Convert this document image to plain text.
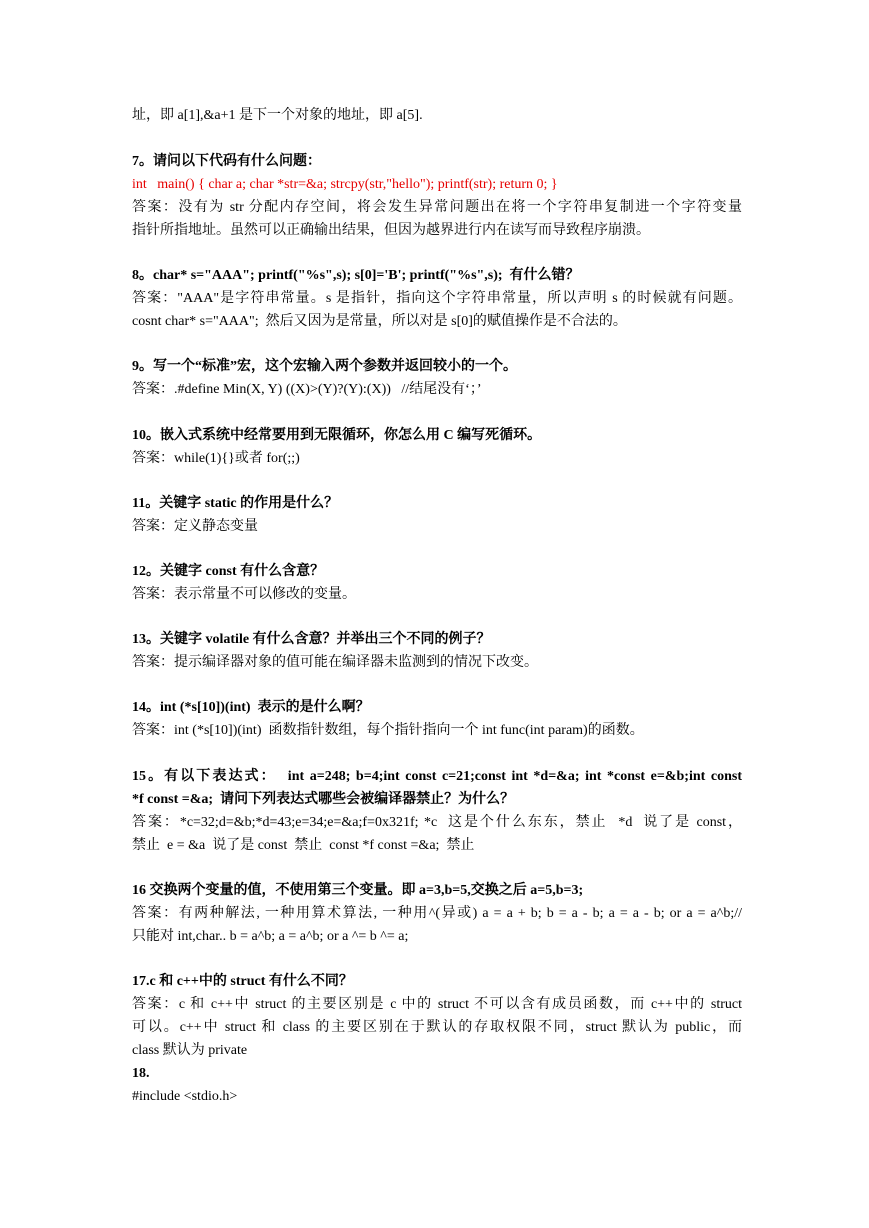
址，即 a[1],&a+1 是下一个对象的地址，即 a[5].
7。请问以下代码有什么问题：
int   main() { char a; char *str=&a; strcpy(str,"hello"); printf(str); return 0; }
答案：没有为 str 分配内存空间，将会发生异常问题出在将一个字符串复制进一个字符变量
指针所指地址。虽然可以正确输出结果，但因为越界进行内在读写而导致程序崩溃。
8。char* s="AAA"; printf("%s",s); s[0]='B'; printf("%s",s);  有什么错？
答案："AAA"是字符串常量。s 是指针，指向这个字符串常量，所以声明 s 的时候就有问题。
cosnt char* s="AAA";  然后又因为是常量，所以对是 s[0]的赋值操作是不合法的。
9。写一个“标准”宏，这个宏输入两个参数并返回较小的一个。
答案：.#define Min(X, Y) ((X)>(Y)?(Y):(X))   //结尾没有‘；’
10。嵌入式系统中经常要用到无限循环，你怎么用 C 编写死循环。
答案：while(1){}或者 for(;;)
11。关键字 static 的作用是什么？
答案：定义静态变量
12。关键字 const 有什么含意？
答案：表示常量不可以修改的变量。
13。关键字 volatile 有什么含意？并举出三个不同的例子？
答案：提示编译器对象的值可能在编译器未监测到的情况下改变。
14。int (*s[10])(int)  表示的是什么啊？
答案：int (*s[10])(int)  函数指针数组，每个指针指向一个 int func(int param)的函数。
15。有以下表达式：  int a=248; b=4;int const c=21;const int *d=&a; int *const e=&b;int const
*f const =&a;  请问下列表达式哪些会被编译器禁止？为什么？
答案：*c=32;d=&b;*d=43;e=34;e=&a;f=0x321f; *c  这是个什么东东，禁止  *d  说了是 const，
禁止  e = &a  说了是 const  禁止  const *f const =&a;  禁止
16 交换两个变量的值，不使用第三个变量。即 a=3,b=5,交换之后 a=5,b=3;
答案：有两种解法, 一种用算术算法, 一种用^(异或) a = a + b; b = a - b; a = a - b; or a = a^b;//
只能对 int,char.. b = a^b; a = a^b; or a ^= b ^= a;
17.c 和 c++中的 struct 有什么不同？
答案：c 和 c++中 struct 的主要区别是 c 中的 struct 不可以含有成员函数，而 c++中的 struct
可以。c++中 struct 和 class 的主要区别在于默认的存取权限不同，struct 默认为 public，而
class 默认为 private
18.
#include <stdio.h>
